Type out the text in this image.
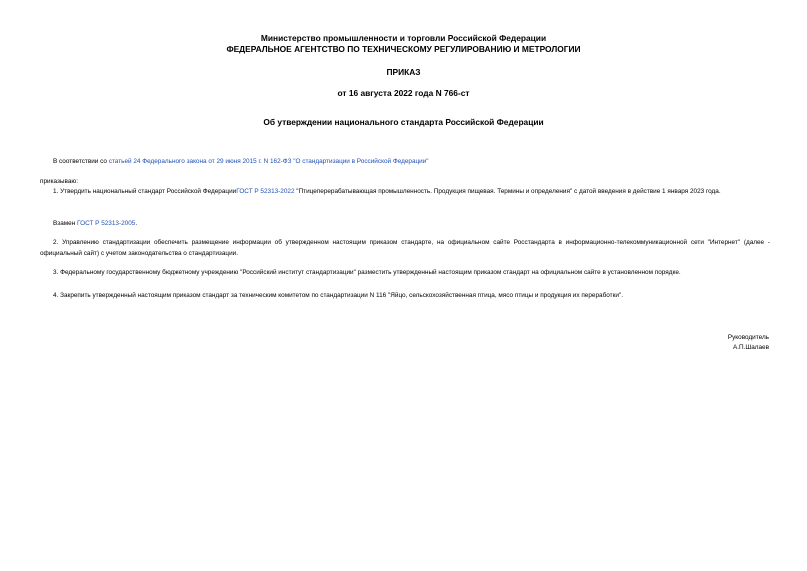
Министерство промышленности и торговли Российской Федерации
ФЕДЕРАЛЬНОЕ АГЕНТСТВО ПО ТЕХНИЧЕСКОМУ РЕГУЛИРОВАНИЮ И МЕТРОЛОГИИ
ПРИКАЗ
от 16 августа 2022 года N 766-ст
Об утверждении национального стандарта Российской Федерации
В соответствии со статьей 24 Федерального закона от 29 июня 2015 г. N 162-ФЗ "О стандартизации в Российской Федерации"
приказываю:
1. Утвердить национальный стандарт Российской ФедерацииГОСТ Р 52313-2022 "Птицеперерабатывающая промышленность. Продукция пищевая. Термины и определения" с датой введения в действие 1 января 2023 года.
Взамен ГОСТ Р 52313-2005.
2. Управлению стандартизации обеспечить размещение информации об утвержденном настоящим приказом стандарте, на официальном сайте Росстандарта в информационно-телекоммуникационной сети "Интернет" (далее - официальный сайт) с учетом законодательства о стандартизации.
3. Федеральному государственному бюджетному учреждению "Российский институт стандартизации" разместить утвержденный настоящим приказом стандарт на официальном сайте в установленном порядке.
4. Закрепить утвержденный настоящим приказом стандарт за техническим комитетом по стандартизации N 116 "Яйцо, сельскохозяйственная птица, мясо птицы и продукция их переработки".
Руководитель
А.П.Шалаев
